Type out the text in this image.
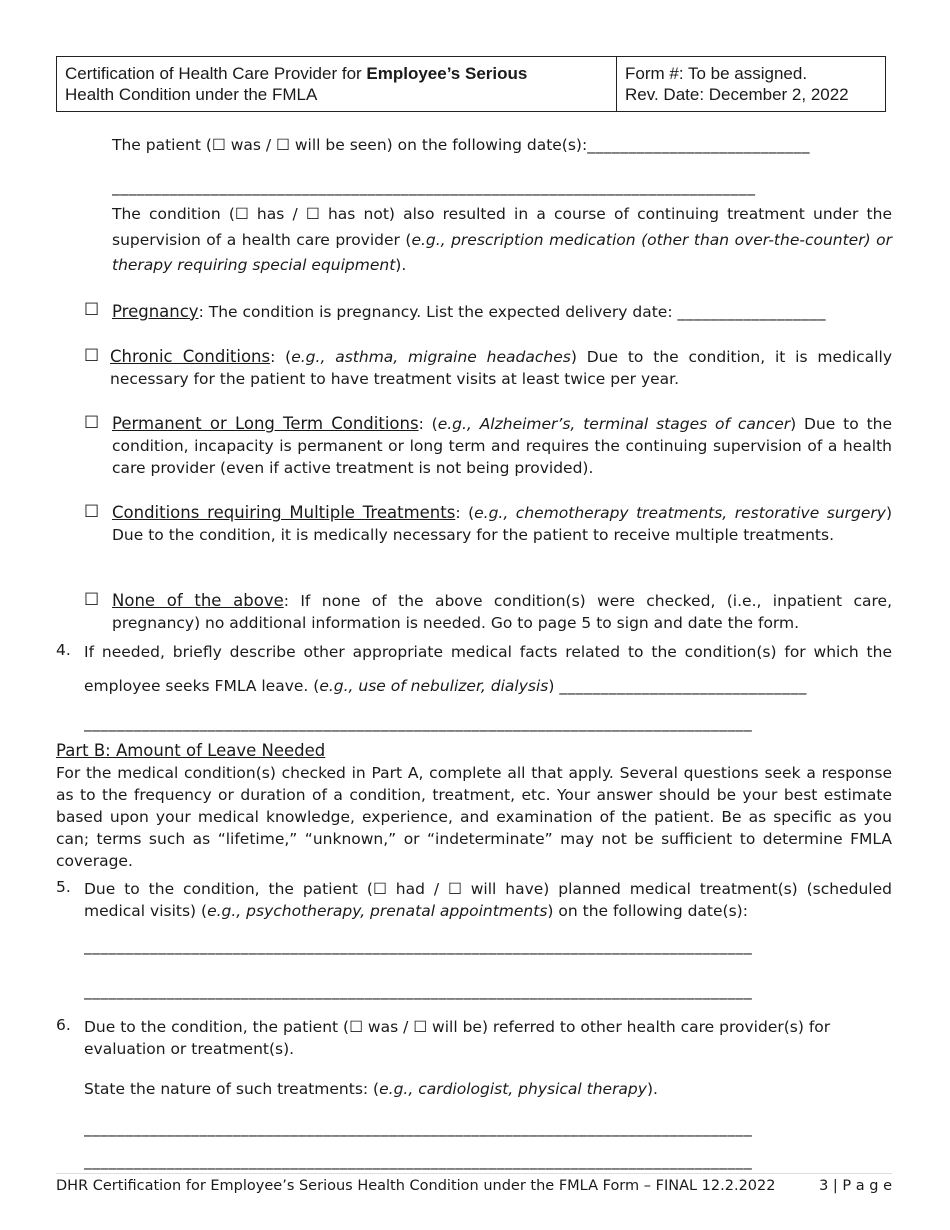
Certification of Health Care Provider for Employee’s Serious
Health Condition under the FMLA
Form #: To be assigned.
Rev. Date: December 2, 2022
The patient (☐ was / ☐ will be seen) on the following date(s):___________________________
______________________________________________________________________________
The condition (☐ has / ☐ has not) also resulted in a course of continuing treatment under the supervision of a health care provider (e.g., prescription medication (other than over-the-counter) or therapy requiring special equipment).
☐ Pregnancy: The condition is pregnancy. List the expected delivery date: __________________
☐ Chronic Conditions: (e.g., asthma, migraine headaches) Due to the condition, it is medically necessary for the patient to have treatment visits at least twice per year.
☐ Permanent or Long Term Conditions: (e.g., Alzheimer’s, terminal stages of cancer) Due to the condition, incapacity is permanent or long term and requires the continuing supervision of a health care provider (even if active treatment is not being provided).
☐ Conditions requiring Multiple Treatments: (e.g., chemotherapy treatments, restorative surgery) Due to the condition, it is medically necessary for the patient to receive multiple treatments.
☐ None of the above: If none of the above condition(s) were checked, (i.e., inpatient care, pregnancy) no additional information is needed. Go to page 5 to sign and date the form.
4. If needed, briefly describe other appropriate medical facts related to the condition(s) for which the employee seeks FMLA leave. (e.g., use of nebulizer, dialysis) ______________________________
_________________________________________________________________________________
Part B: Amount of Leave Needed
For the medical condition(s) checked in Part A, complete all that apply. Several questions seek a response as to the frequency or duration of a condition, treatment, etc. Your answer should be your best estimate based upon your medical knowledge, experience, and examination of the patient. Be as specific as you can; terms such as “lifetime,” “unknown,” or “indeterminate” may not be sufficient to determine FMLA coverage.
5. Due to the condition, the patient (☐ had / ☐ will have) planned medical treatment(s) (scheduled medical visits) (e.g., psychotherapy, prenatal appointments) on the following date(s):
_________________________________________________________________________________
_________________________________________________________________________________
6. Due to the condition, the patient (☐ was / ☐ will be) referred to other health care provider(s) for evaluation or treatment(s).
State the nature of such treatments: (e.g., cardiologist, physical therapy).
_________________________________________________________________________________
_________________________________________________________________________________
DHR Certification for Employee’s Serious Health Condition under the FMLA Form – FINAL 12.2.2022	3 | P a g e
